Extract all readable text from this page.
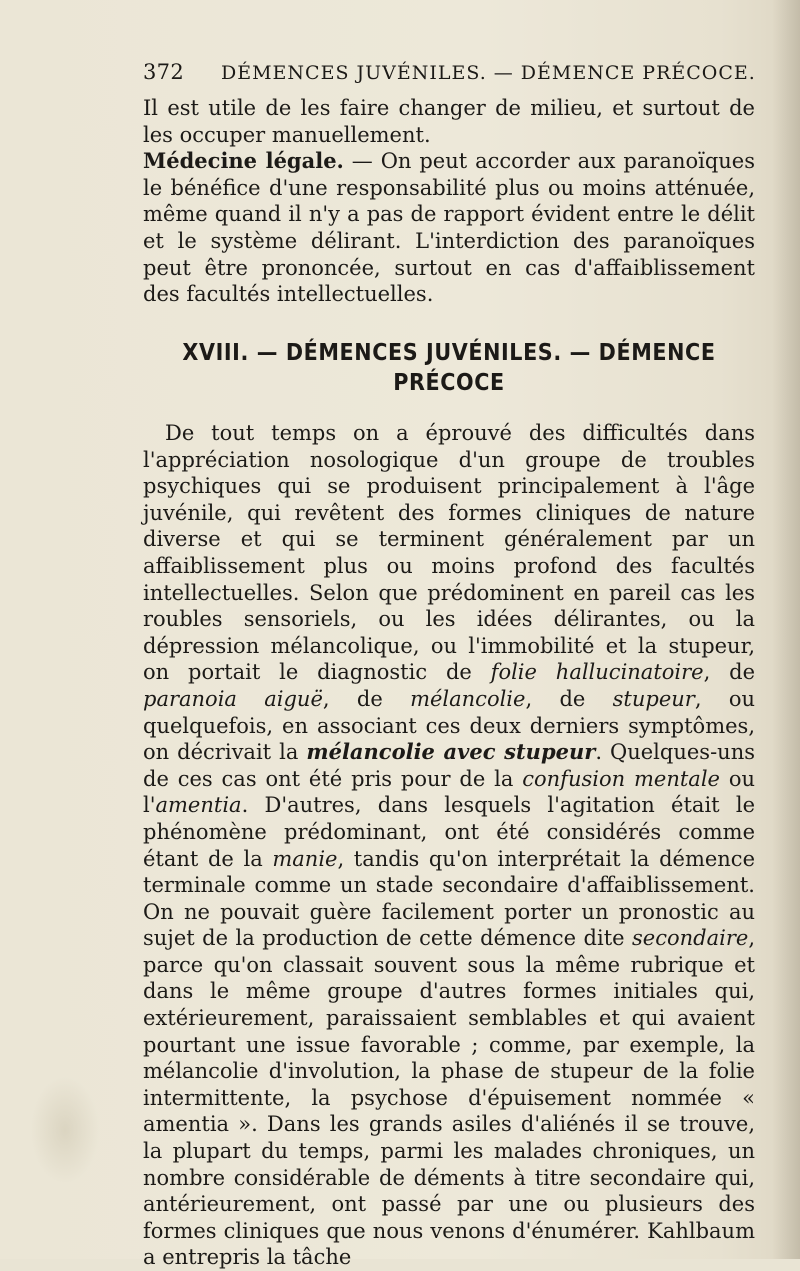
372 DÉMENCES JUVÉNILES. — DÉMENCE PRÉCOCE.

Il est utile de les faire changer de milieu, et surtout de les occuper manuellement.

Médecine légale. — On peut accorder aux paranoïques le bénéfice d'une responsabilité plus ou moins atténuée, même quand il n'y a pas de rapport évident entre le délit et le système délirant. L'interdiction des paranoïques peut être prononcée, surtout en cas d'affaiblissement des facultés intellectuelles.

XVIII. — DÉMENCES JUVÉNILES. — DÉMENCE
PRÉCOCE

De tout temps on a éprouvé des difficultés dans l'appréciation nosologique d'un groupe de troubles psychiques qui se produisent principalement à l'âge juvénile, qui revêtent des formes cliniques de nature diverse et qui se terminent généralement par un affaiblissement plus ou moins profond des facultés intellectuelles. Selon que prédominent en pareil cas les roubles sensoriels, ou les idées délirantes, ou la dépression mélancolique, ou l'immobilité et la stupeur, on portait le diagnostic de folie hallucinatoire, de paranoia aiguë, de mélancolie, de stupeur, ou quelquefois, en associant ces deux derniers symptômes, on décrivait la mélancolie avec stupeur. Quelques-uns de ces cas ont été pris pour de la confusion mentale ou l'amentia. D'autres, dans lesquels l'agitation était le phénomène prédominant, ont été considérés comme étant de la manie, tandis qu'on interprétait la démence terminale comme un stade secondaire d'affaiblissement. On ne pouvait guère facilement porter un pronostic au sujet de la production de cette démence dite secondaire, parce qu'on classait souvent sous la même rubrique et dans le même groupe d'autres formes initiales qui, extérieurement, paraissaient semblables et qui avaient pourtant une issue favorable ; comme, par exemple, la mélancolie d'involution, la phase de stupeur de la folie intermittente, la psychose d'épuisement nommée « amentia ». Dans les grands asiles d'aliénés il se trouve, la plupart du temps, parmi les malades chroniques, un nombre considérable de déments à titre secondaire qui, antérieurement, ont passé par une ou plusieurs des formes cliniques que nous venons d'énumérer. Kahlbaum a entrepris la tâche
